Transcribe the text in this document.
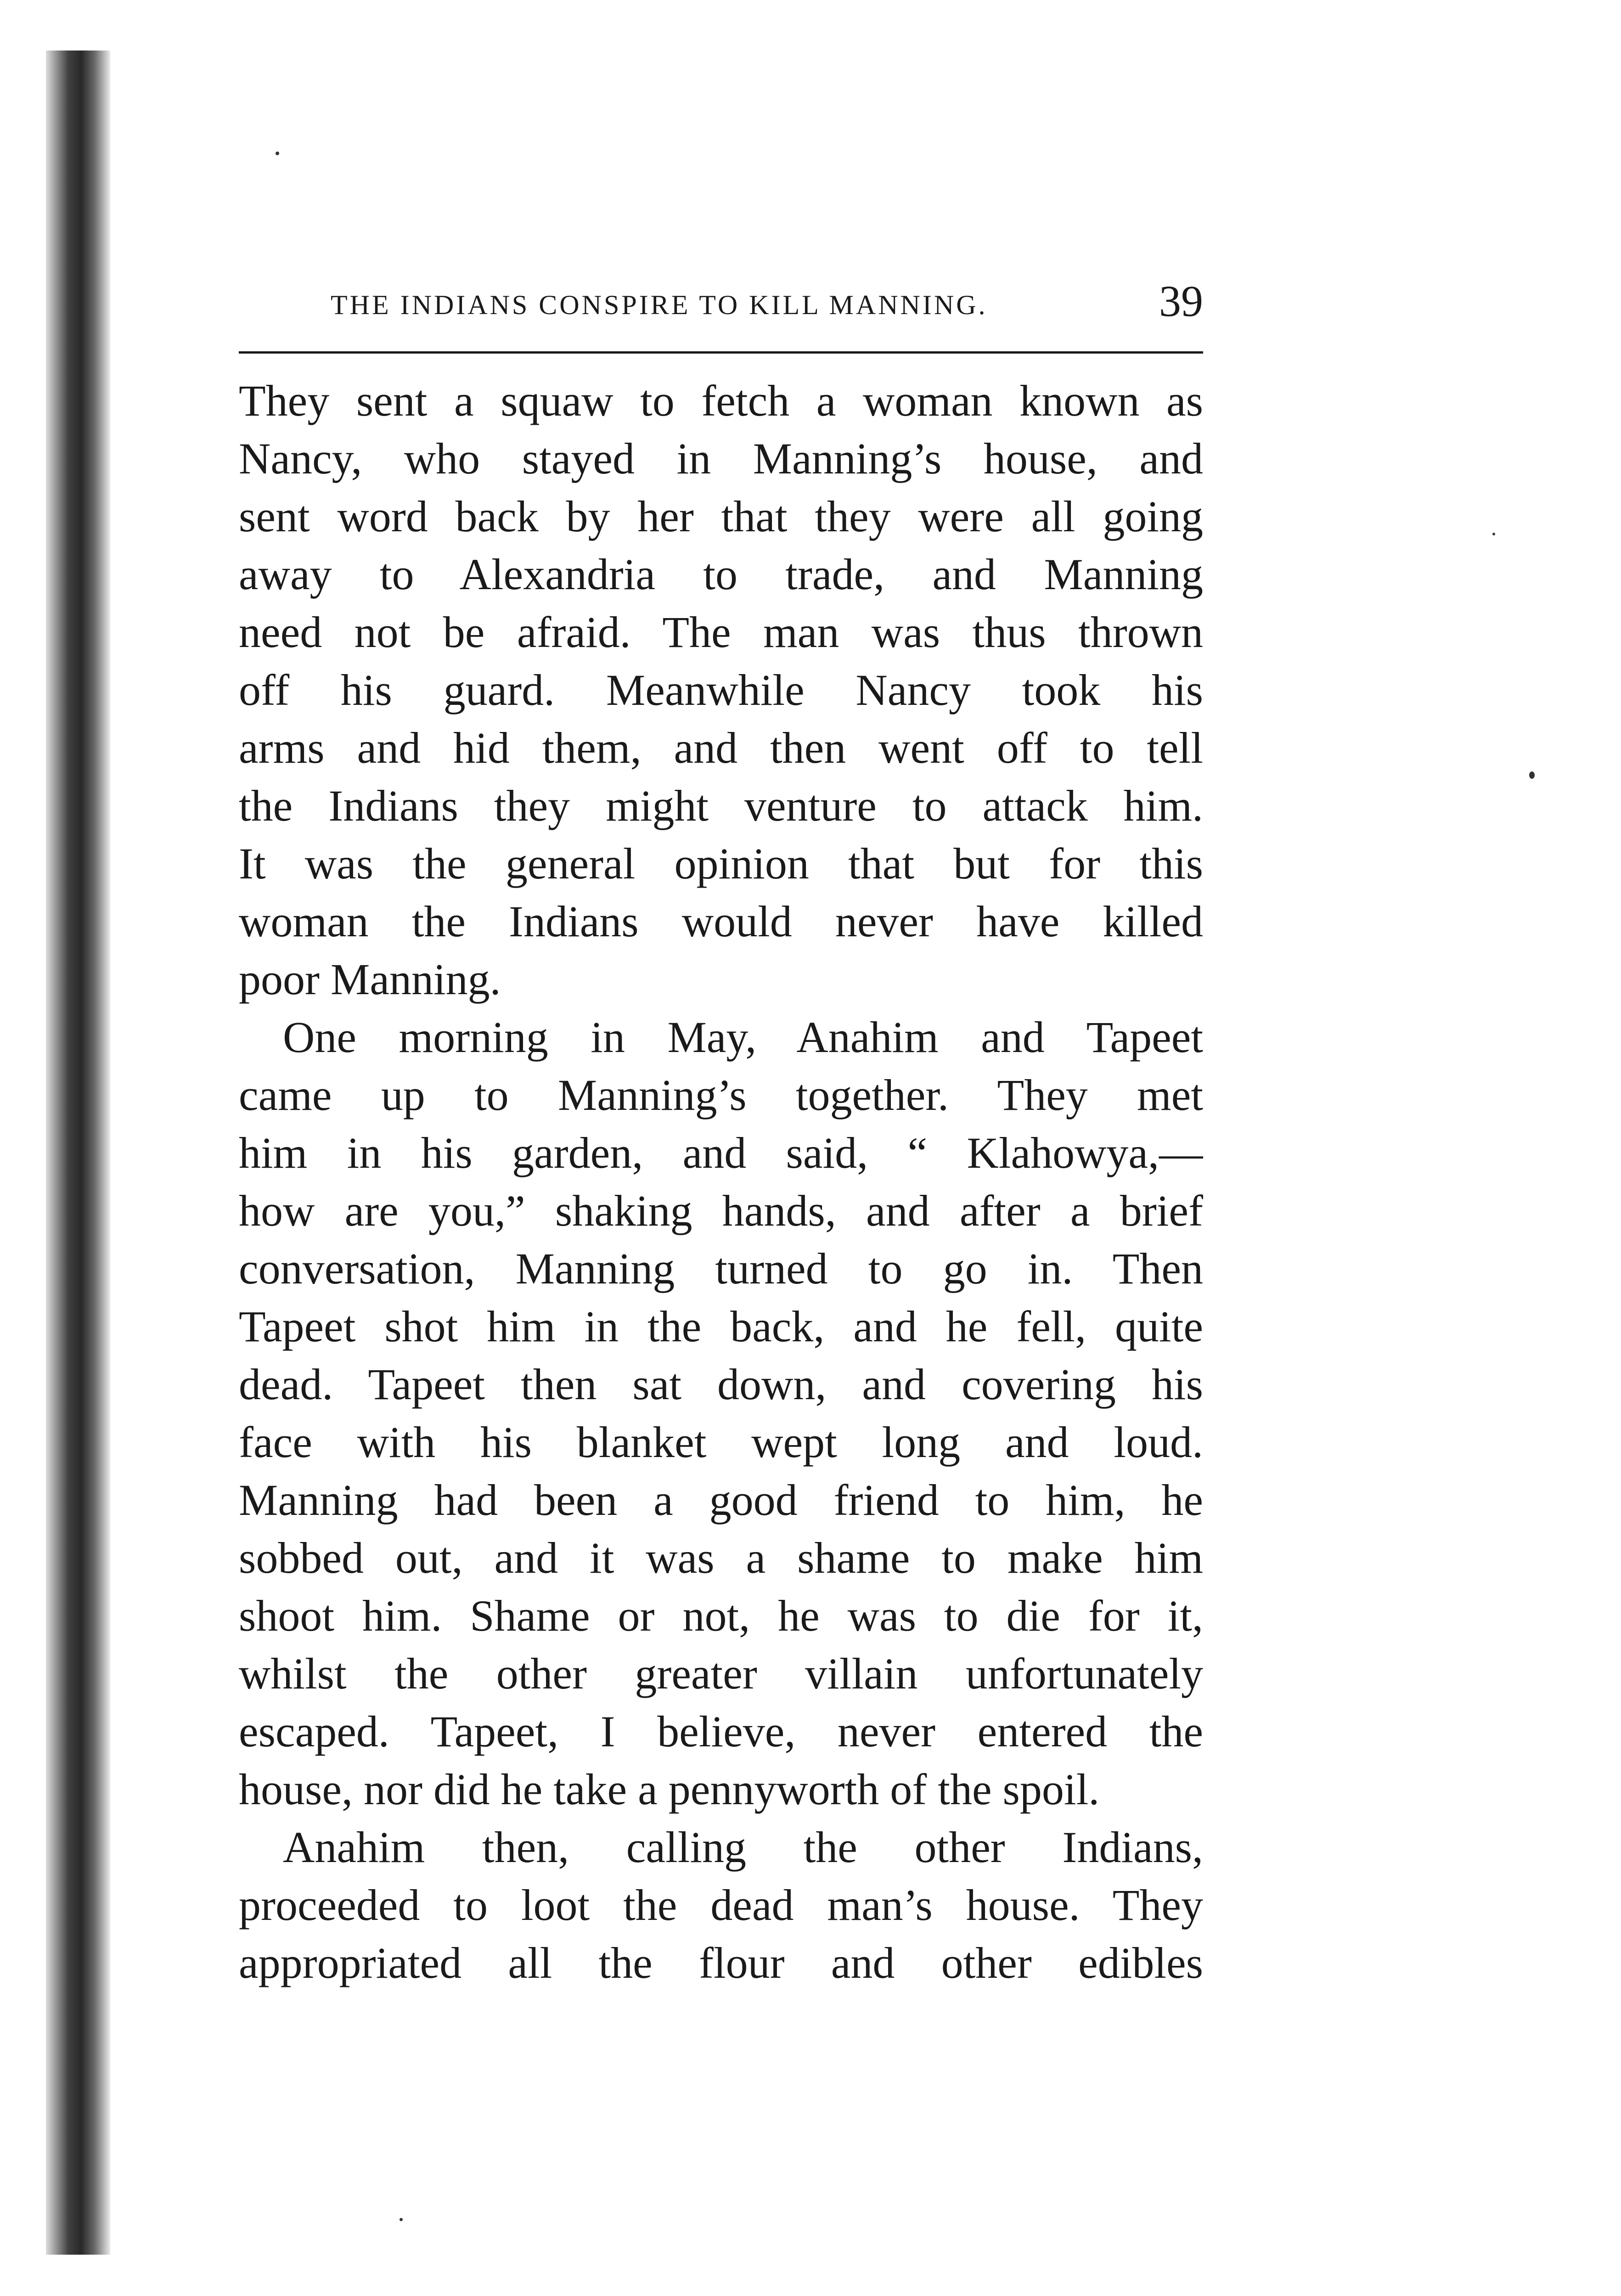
THE INDIANS CONSPIRE TO KILL MANNING.	39
They sent a squaw to fetch a woman known as
Nancy, who stayed in Manning’s house, and
sent word back by her that they were all going
away to Alexandria to trade, and Manning
need not be afraid. The man was thus thrown
off his guard. Meanwhile Nancy took his
arms and hid them, and then went off to tell
the Indians they might venture to attack him.
It was the general opinion that but for this
woman the Indians would never have killed
poor Manning.
One morning in May, Anahim and Tapeet
came up to Manning’s together. They met
him in his garden, and said, “ Klahowya,—
how are you,” shaking hands, and after a brief
conversation, Manning turned to go in. Then
Tapeet shot him in the back, and he fell, quite
dead. Tapeet then sat down, and covering his
face with his blanket wept long and loud.
Manning had been a good friend to him, he
sobbed out, and it was a shame to make him
shoot him. Shame or not, he was to die for it,
whilst the other greater villain unfortunately
escaped. Tapeet, I believe, never entered the
house, nor did he take a pennyworth of the spoil.
Anahim then, calling the other Indians,
proceeded to loot the dead man’s house. They
appropriated all the flour and other edibles
